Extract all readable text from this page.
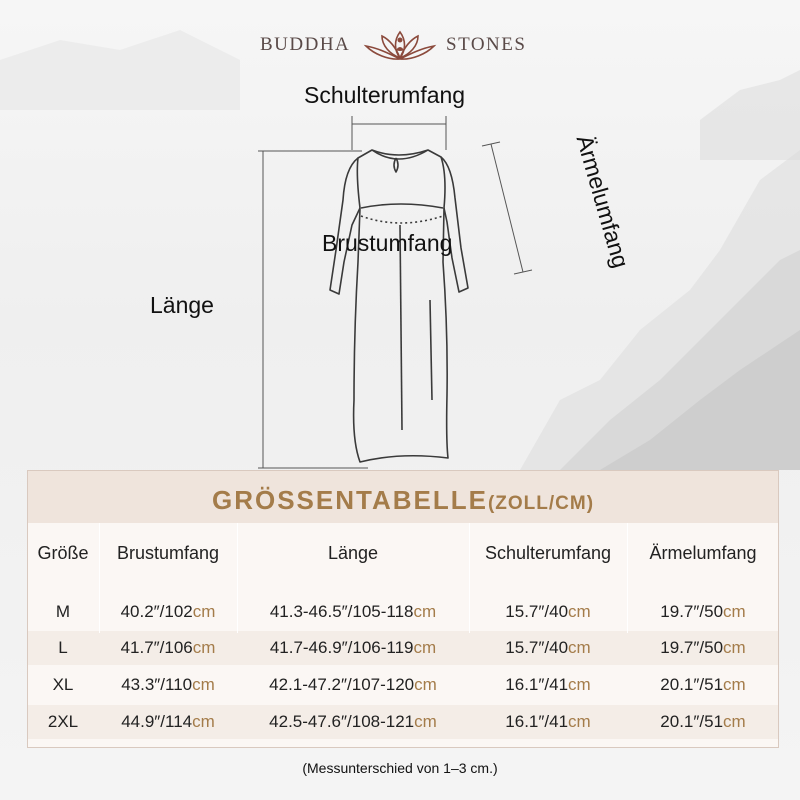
BUDDHA	STONES
Schulterumfang
Brustumfang
Länge
Ärmelumfang
GRÖSSENTABELLE(ZOLL/CM)
Größe	Brustumfang	Länge	Schulterumfang	Ärmelumfang
M	40.2″/102 cm	41.3-46.5″/105-118 cm	15.7″/40 cm	19.7″/50 cm
L	41.7″/106 cm	41.7-46.9″/106-119 cm	15.7″/40 cm	19.7″/50 cm
XL	43.3″/110 cm	42.1-47.2″/107-120 cm	16.1″/41 cm	20.1″/51 cm
2XL	44.9″/114 cm	42.5-47.6″/108-121 cm	16.1″/41 cm	20.1″/51 cm
(Messunterschied von 1–3 cm.)
